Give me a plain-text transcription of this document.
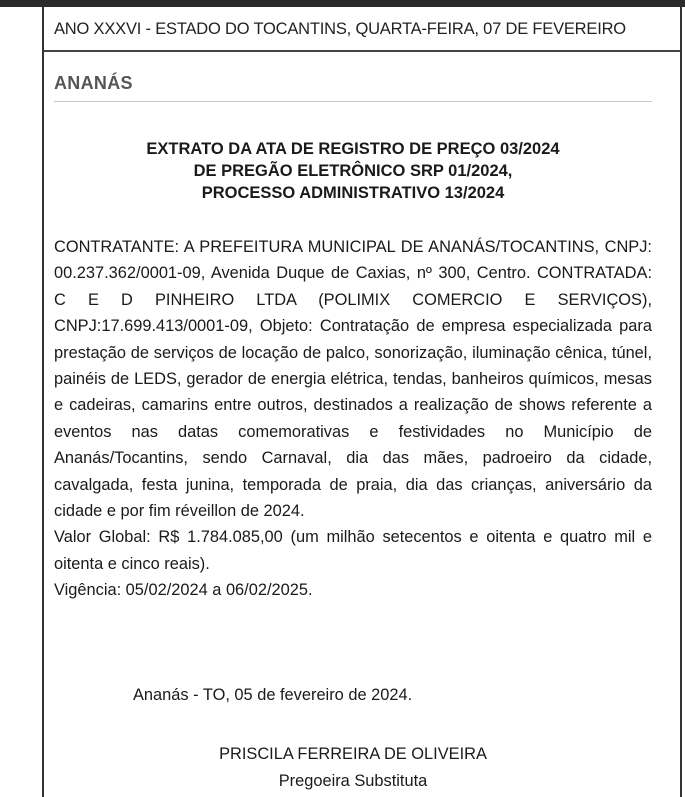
ANO XXXVI - ESTADO DO TOCANTINS, QUARTA-FEIRA, 07 DE FEVEREIRO
ANANÁS
EXTRATO DA ATA DE REGISTRO DE PREÇO 03/2024
DE PREGÃO ELETRÔNICO SRP 01/2024,
PROCESSO ADMINISTRATIVO 13/2024

CONTRATANTE: A PREFEITURA MUNICIPAL DE ANANÁS/TOCANTINS, CNPJ: 00.237.362/0001-09, Avenida Duque de Caxias, nº 300, Centro. CONTRATADA: C E D PINHEIRO LTDA (POLIMIX COMERCIO E SERVIÇOS), CNPJ:17.699.413/0001-09, Objeto: Contratação de empresa especializada para prestação de serviços de locação de palco, sonorização, iluminação cênica, túnel, painéis de LEDS, gerador de energia elétrica, tendas, banheiros químicos, mesas e cadeiras, camarins entre outros, destinados a realização de shows referente a eventos nas datas comemorativas e festividades no Município de Ananás/Tocantins, sendo Carnaval, dia das mães, padroeiro da cidade, cavalgada, festa junina, temporada de praia, dia das crianças, aniversário da cidade e por fim réveillon de 2024.

Valor Global: R$ 1.784.085,00 (um milhão setecentos e oitenta e quatro mil e oitenta e cinco reais).

Vigência: 05/02/2024 a 06/02/2025.

Ananás - TO, 05 de fevereiro de 2024.
PRISCILA FERREIRA DE OLIVEIRA
Pregoeira Substituta
